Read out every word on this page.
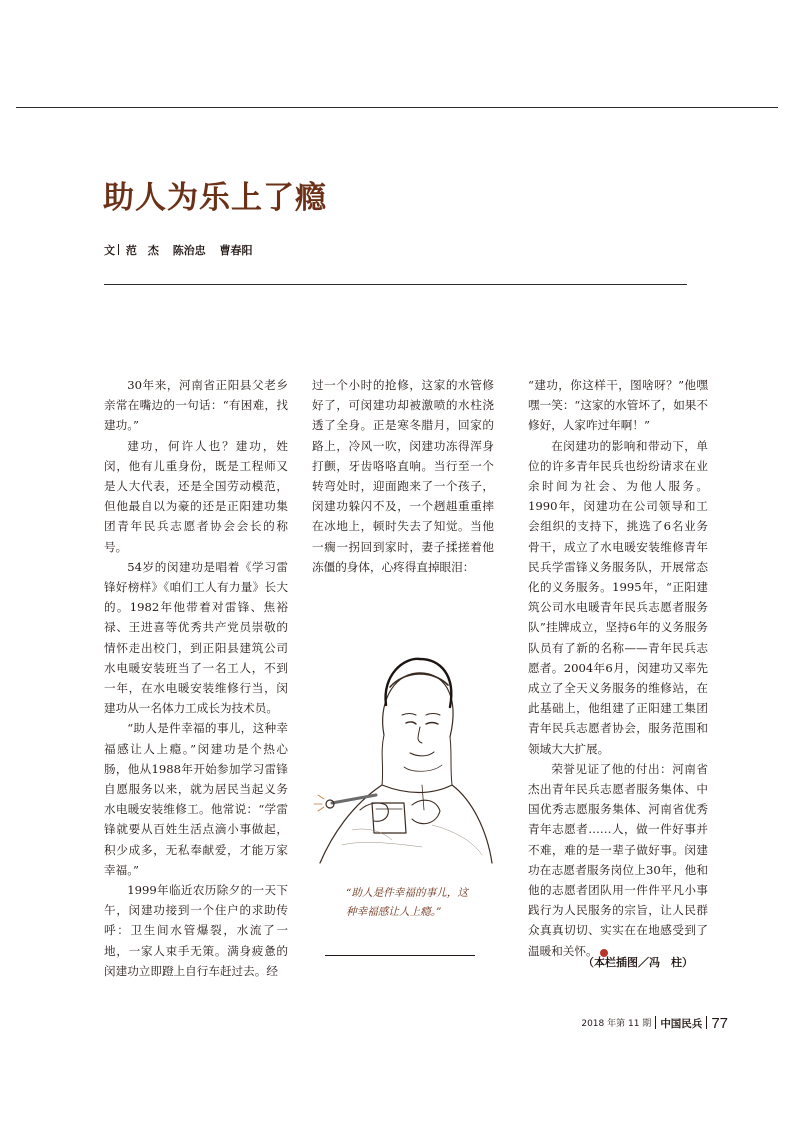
助人为乐上了瘾
文 范　杰 陈治忠 曹春阳

30年来，河南省正阳县父老乡亲常在嘴边的一句话：“有困难，找建功。”

建功，何许人也？建功，姓闵，他有儿重身份，既是工程师又是人大代表，还是全国劳动模范，但他最自以为豪的还是正阳建功集团青年民兵志愿者协会会长的称号。

54岁的闵建功是唱着《学习雷锋好榜样》《咱们工人有力量》长大的。1982年他带着对雷锋、焦裕禄、王进喜等优秀共产党员崇敬的情怀走出校门，到正阳县建筑公司水电暖安装班当了一名工人，不到一年，在水电暖安装维修行当，闵建功从一名体力工成长为技术员。

“助人是件幸福的事儿，这种幸福感让人上瘾。”闵建功是个热心肠，他从1988年开始参加学习雷锋自愿服务以来，就为居民当起义务水电暖安装维修工。他常说：“学雷锋就要从百姓生活点滴小事做起，积少成多，无私奉献爱，才能万家幸福。”

1999年临近农历除夕的一天下午，闵建功接到一个住户的求助传呼：卫生间水管爆裂，水流了一地，一家人束手无策。满身疲惫的闵建功立即蹬上自行车赶过去。经

过一个小时的抢修，这家的水管修好了，可闵建功却被激喷的水柱浇透了全身。正是寒冬腊月，回家的路上，冷风一吹，闵建功冻得浑身打颤，牙齿咯咯直响。当行至一个转弯处时，迎面跑来了一个孩子，闵建功躲闪不及，一个趔趄重重摔在冰地上，顿时失去了知觉。当他一瘸一拐回到家时，妻子揉搓着他冻僵的身体，心疼得直掉眼泪：

“建功，你这样干，图啥呀？”他嘿嘿一笑：“这家的水管坏了，如果不修好，人家咋过年啊！”

在闵建功的影响和带动下，单位的许多青年民兵也纷纷请求在业余时间为社会、为他人服务。1990年，闵建功在公司领导和工会组织的支持下，挑选了6名业务骨干，成立了水电暖安装维修青年民兵学雷锋义务服务队，开展常态化的义务服务。1995年，“正阳建筑公司水电暖青年民兵志愿者服务队”挂牌成立，坚持6年的义务服务队员有了新的名称——青年民兵志愿者。2004年6月，闵建功又率先成立了全天义务服务的维修站，在此基础上，他组建了正阳建工集团青年民兵志愿者协会，服务范围和领域大大扩展。

荣誉见证了他的付出：河南省杰出青年民兵志愿者服务集体、中国优秀志愿服务集体、河南省优秀青年志愿者……人，做一件好事并不难，难的是一辈子做好事。闵建功在志愿者服务岗位上30年，他和他的志愿者团队用一件件平凡小事践行为人民服务的宗旨，让人民群众真真切切、实实在在地感受到了温暖和关怀。	●

“助人是件幸福的事儿，这种幸福感让人上瘾。”
（本栏插图／冯　柱）
2018 年第 11 期 中国民兵 77
